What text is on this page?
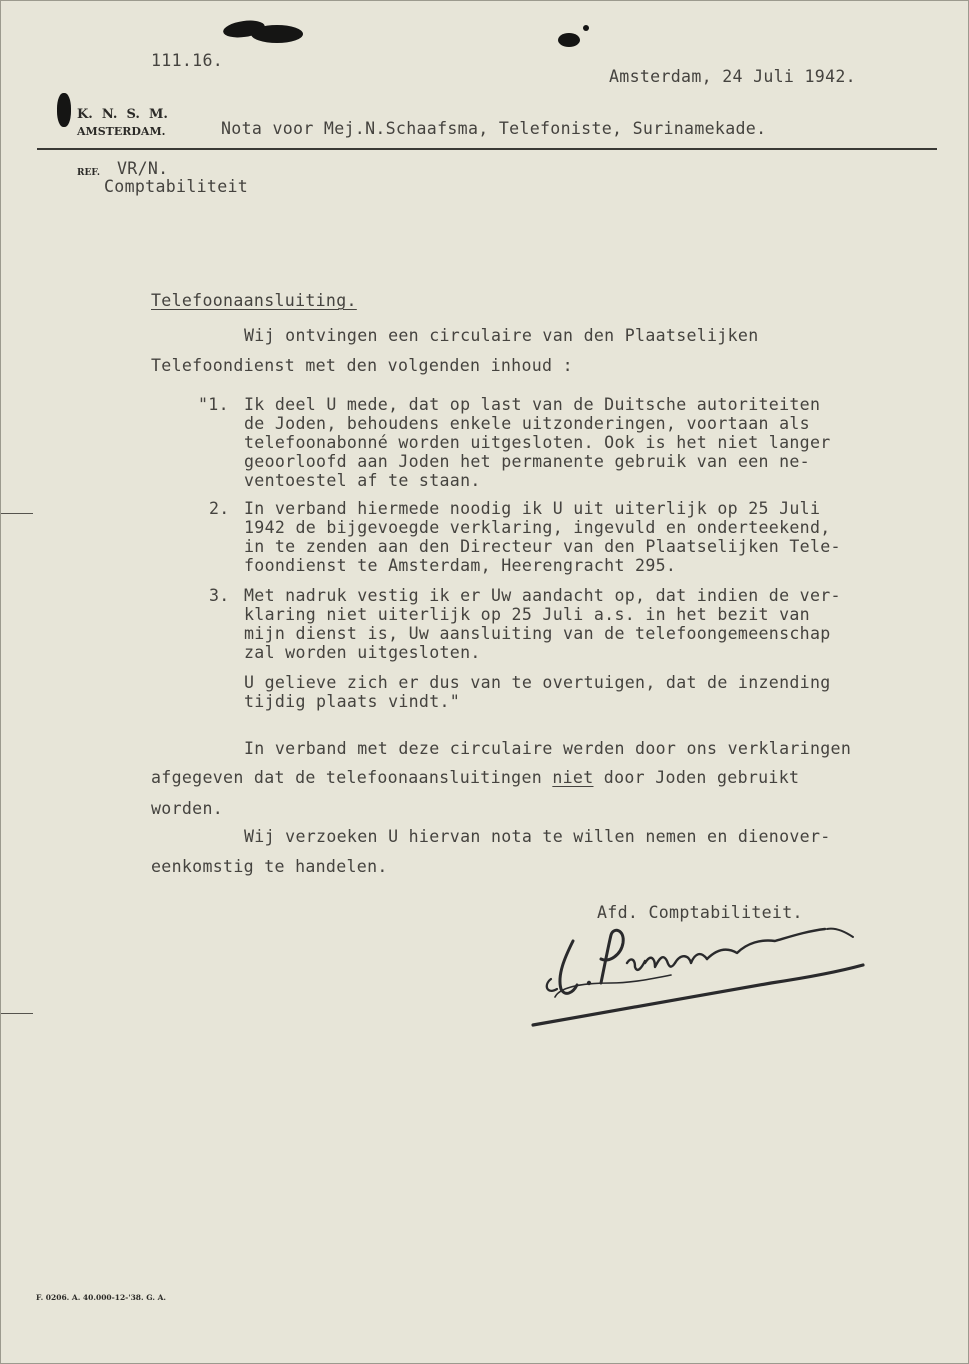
111.16.
Amsterdam, 24 Juli 1942.
K.  N.  S.  M.
AMSTERDAM.	Nota voor Mej.N.Schaafsma, Telefoniste, Surinamekade.
REF. VR/N.
Comptabiliteit
Telefoonaansluiting.
Wij ontvingen een circulaire van den Plaatselijken
Telefoondienst met den volgenden inhoud :
"1. Ik deel U mede, dat op last van de Duitsche autoriteiten
de Joden, behoudens enkele uitzonderingen, voortaan als
telefoonabonné worden uitgesloten. Ook is het niet langer
geoorloofd aan Joden het permanente gebruik van een ne-
ventoestel af te staan.
2. In verband hiermede noodig ik U uit uiterlijk op 25 Juli
1942 de bijgevoegde verklaring, ingevuld en onderteekend,
in te zenden aan den Directeur van den Plaatselijken Tele-
foondienst te Amsterdam, Heerengracht 295.
3. Met nadruk vestig ik er Uw aandacht op, dat indien de ver-
klaring niet uiterlijk op 25 Juli a.s. in het bezit van
mijn dienst is, Uw aansluiting van de telefoongemeenschap
zal worden uitgesloten.
U gelieve zich er dus van te overtuigen, dat de inzending
tijdig plaats vindt."
In verband met deze circulaire werden door ons verklaringen
afgegeven dat de telefoonaansluitingen niet door Joden gebruikt
worden.
Wij verzoeken U hiervan nota te willen nemen en dienover-
eenkomstig te handelen.
Afd. Comptabiliteit.
F. 0206. A. 40.000-12-'38. G. A.
